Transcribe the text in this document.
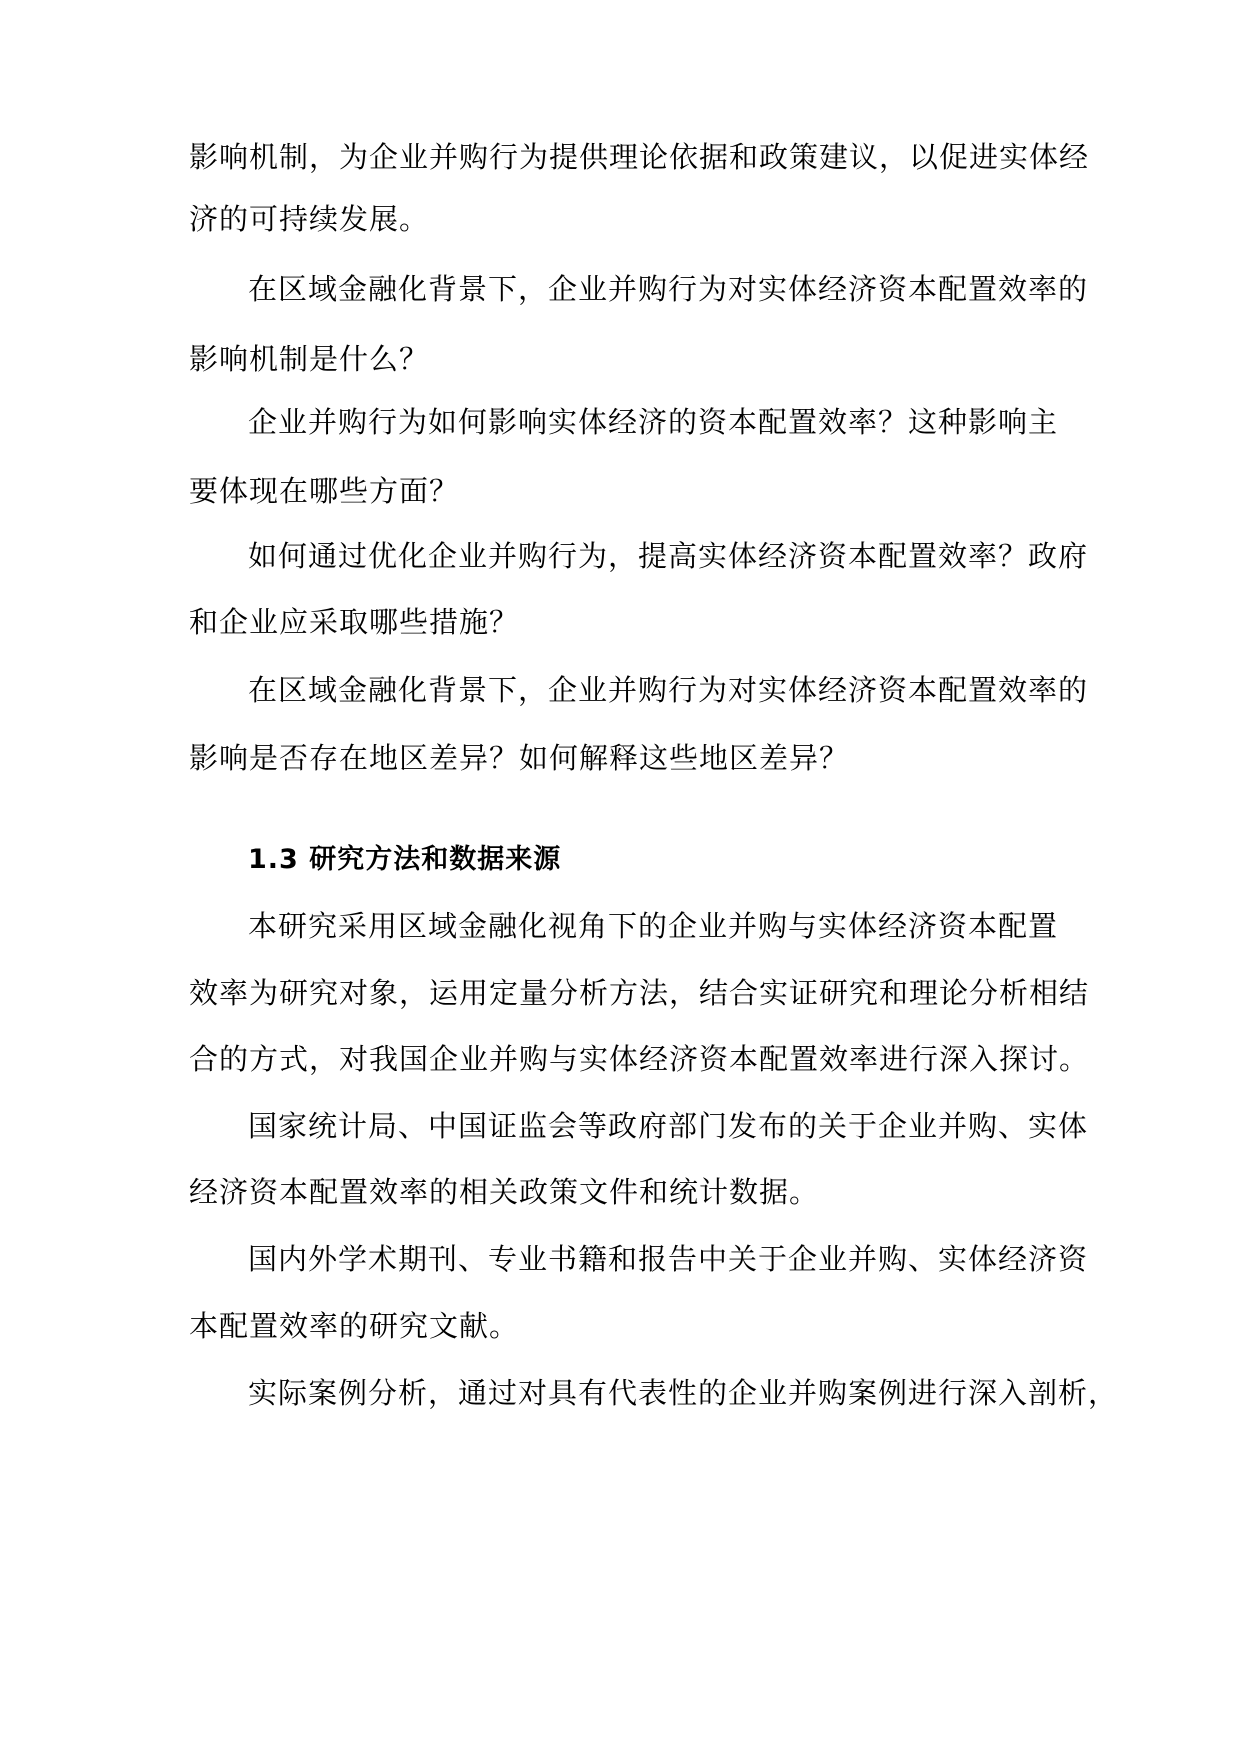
影响机制，为企业并购行为提供理论依据和政策建议，以促进实体经
济的可持续发展。
在区域金融化背景下，企业并购行为对实体经济资本配置效率的
影响机制是什么？
企业并购行为如何影响实体经济的资本配置效率？这种影响主
要体现在哪些方面？
如何通过优化企业并购行为，提高实体经济资本配置效率？政府
和企业应采取哪些措施？
在区域金融化背景下，企业并购行为对实体经济资本配置效率的
影响是否存在地区差异？如何解释这些地区差异？
1.3 研究方法和数据来源
本研究采用区域金融化视角下的企业并购与实体经济资本配置
效率为研究对象，运用定量分析方法，结合实证研究和理论分析相结
合的方式，对我国企业并购与实体经济资本配置效率进行深入探讨。
国家统计局、中国证监会等政府部门发布的关于企业并购、实体
经济资本配置效率的相关政策文件和统计数据。
国内外学术期刊、专业书籍和报告中关于企业并购、实体经济资
本配置效率的研究文献。
实际案例分析，通过对具有代表性的企业并购案例进行深入剖析，
